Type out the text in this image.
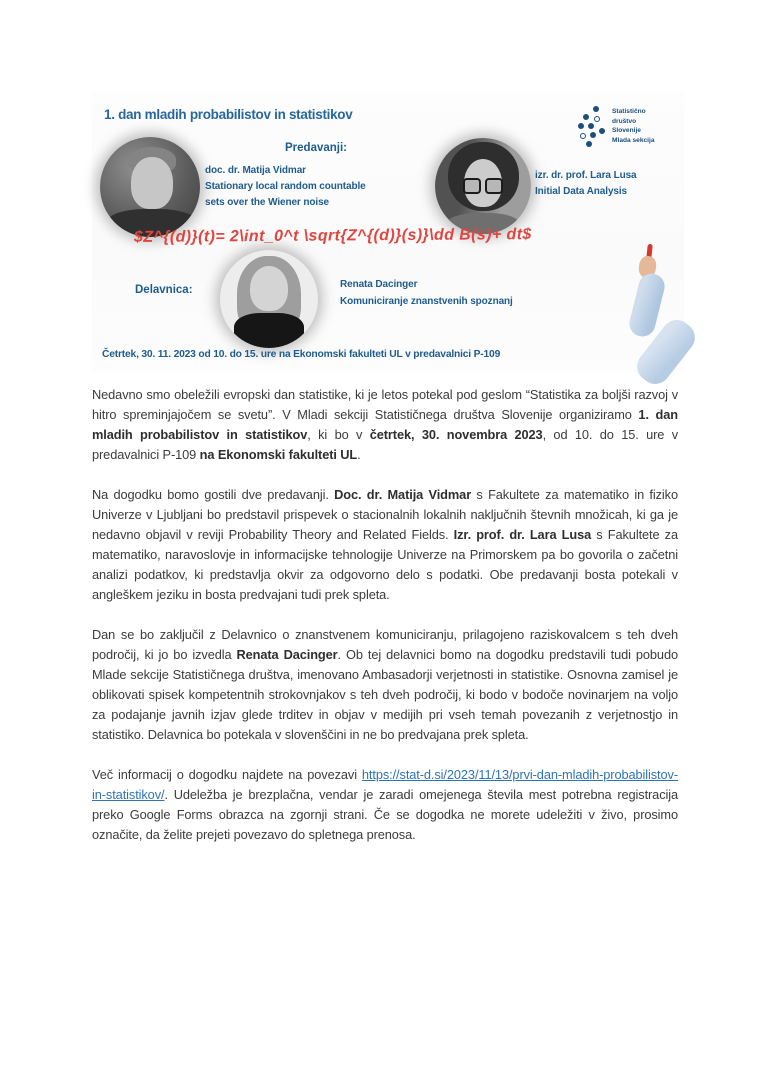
1. dan mladih probabilistov in statistikov	Statistično
društvo
Slovenije
Mlada sekcija
Predavanji:
doc. dr. Matija Vidmar
Stationary local random countable
sets over the Wiener noise
izr. dr. prof. Lara Lusa
Initial Data Analysis
$Z^{(d)}(t)= 2\int_0^t \sqrt{Z^{(d)}(s)}\dd B(s)+ dt$
Delavnica:	Renata Dacinger
Komuniciranje znanstvenih spoznanj
Četrtek, 30. 11. 2023 od 10. do 15. ure na Ekonomski fakulteti UL v predavalnici P-109

Nedavno smo obeležili evropski dan statistike, ki je letos potekal pod geslom “Statistika za boljši razvoj v hitro spreminjajočem se svetu”. V Mladi sekciji Statističnega društva Slovenije organiziramo 1. dan mladih probabilistov in statistikov, ki bo v četrtek, 30. novembra 2023, od 10. do 15. ure v predavalnici P-109 na Ekonomski fakulteti UL.

Na dogodku bomo gostili dve predavanji. Doc. dr. Matija Vidmar s Fakultete za matematiko in fiziko Univerze v Ljubljani bo predstavil prispevek o stacionalnih lokalnih naključnih števnih množicah, ki ga je nedavno objavil v reviji Probability Theory and Related Fields. Izr. prof. dr. Lara Lusa s Fakultete za matematiko, naravoslovje in informacijske tehnologije Univerze na Primorskem pa bo govorila o začetni analizi podatkov, ki predstavlja okvir za odgovorno delo s podatki. Obe predavanji bosta potekali v angleškem jeziku in bosta predvajani tudi prek spleta.

Dan se bo zaključil z Delavnico o znanstvenem komuniciranju, prilagojeno raziskovalcem s teh dveh področij, ki jo bo izvedla Renata Dacinger. Ob tej delavnici bomo na dogodku predstavili tudi pobudo Mlade sekcije Statističnega društva, imenovano Ambasadorji verjetnosti in statistike. Osnovna zamisel je oblikovati spisek kompetentnih strokovnjakov s teh dveh področij, ki bodo v bodoče novinarjem na voljo za podajanje javnih izjav glede trditev in objav v medijih pri vseh temah povezanih z verjetnostjo in statistiko. Delavnica bo potekala v slovenščini in ne bo predvajana prek spleta.

Več informacij o dogodku najdete na povezavi https://stat-d.si/2023/11/13/prvi-dan-mladih-probabilistov-in-statistikov/. Udeležba je brezplačna, vendar je zaradi omejenega števila mest potrebna registracija preko Google Forms obrazca na zgornji strani. Če se dogodka ne morete udeležiti v živo, prosimo označite, da želite prejeti povezavo do spletnega prenosa.
